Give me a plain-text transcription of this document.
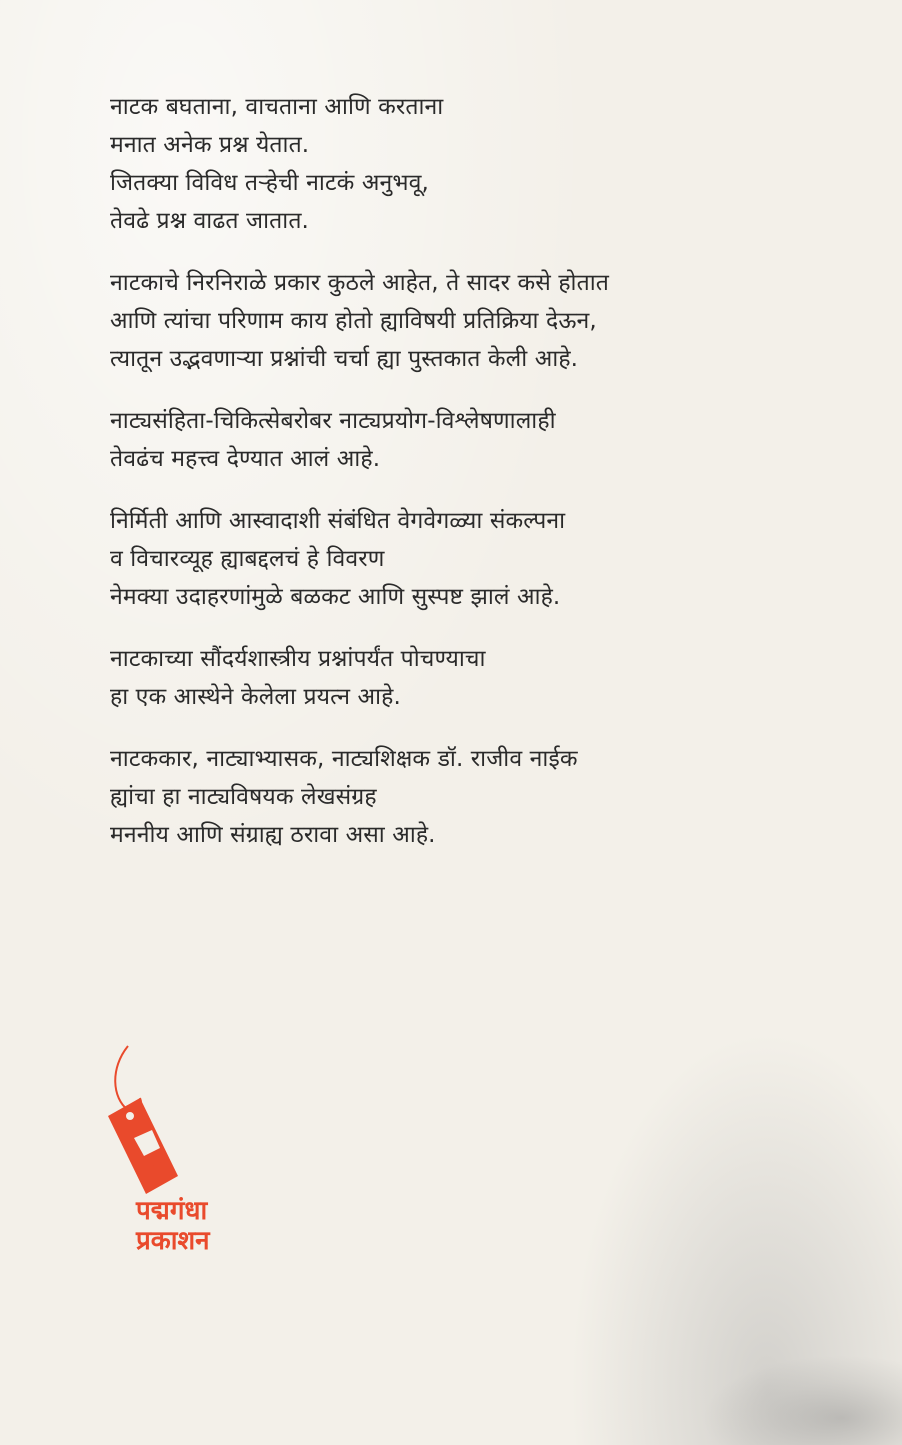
नाटक बघताना, वाचताना आणि करताना
मनात अनेक प्रश्न येतात.
जितक्या विविध तऱ्हेची नाटकं अनुभवू,
तेवढे प्रश्न वाढत जातात.
नाटकाचे निरनिराळे प्रकार कुठले आहेत, ते सादर कसे होतात
आणि त्यांचा परिणाम काय होतो ह्याविषयी प्रतिक्रिया देऊन,
त्यातून उद्भवणाऱ्या प्रश्नांची चर्चा ह्या पुस्तकात केली आहे.
नाट्यसंहिता-चिकित्सेबरोबर नाट्यप्रयोग-विश्लेषणालाही
तेवढंच महत्त्व देण्यात आलं आहे.
निर्मिती आणि आस्वादाशी संबंधित वेगवेगळ्या संकल्पना
व विचारव्यूह ह्याबद्दलचं हे विवरण
नेमक्या उदाहरणांमुळे बळकट आणि सुस्पष्ट झालं आहे.
नाटकाच्या सौंदर्यशास्त्रीय प्रश्नांपर्यंत पोचण्याचा
हा एक आस्थेने केलेला प्रयत्न आहे.
नाटककार, नाट्याभ्यासक, नाट्यशिक्षक डॉ. राजीव नाईक
ह्यांचा हा नाट्यविषयक लेखसंग्रह
मननीय आणि संग्राह्य ठरावा असा आहे.
पद्मगंधा
प्रकाशन
